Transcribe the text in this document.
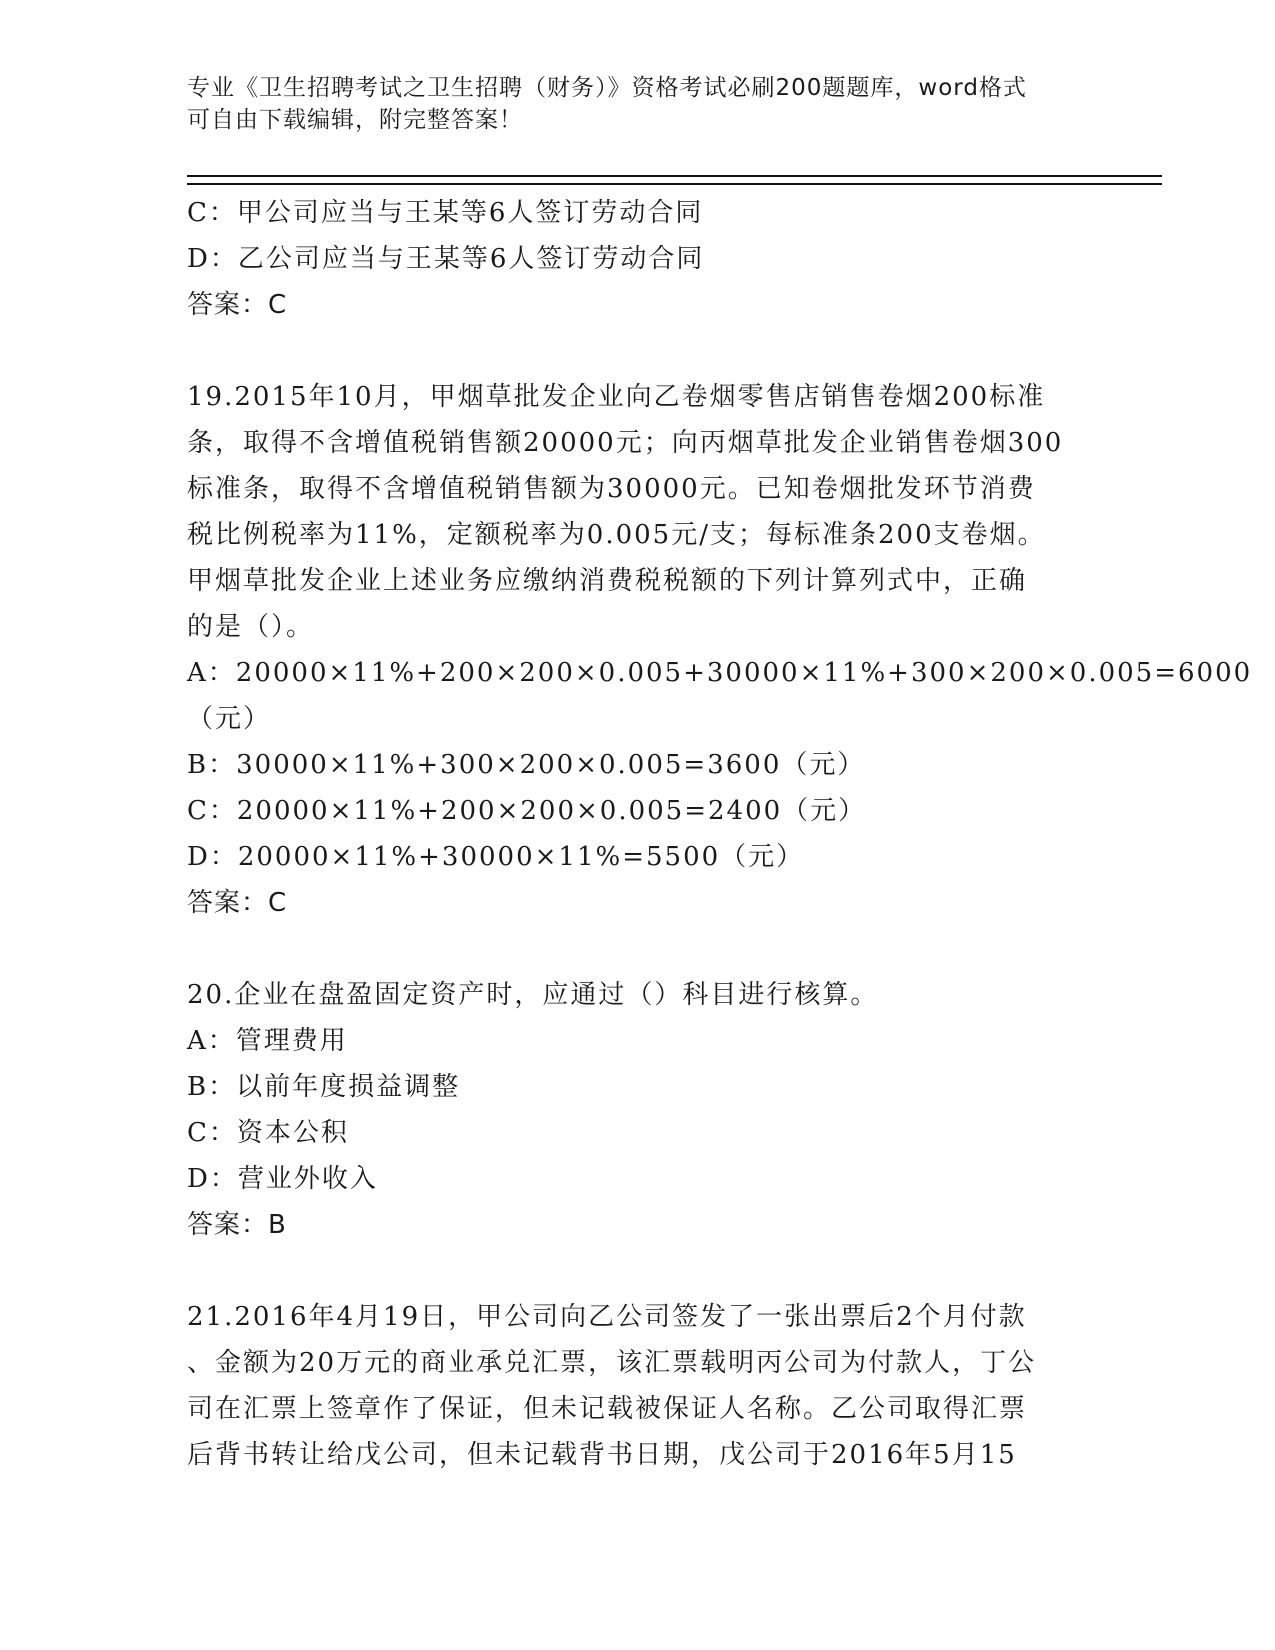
专业《卫生招聘考试之卫生招聘（财务）》资格考试必刷200题题库，word格式
可自由下载编辑，附完整答案！
C：甲公司应当与王某等6人签订劳动合同
D：乙公司应当与王某等6人签订劳动合同
答案：C
19.2015年10月，甲烟草批发企业向乙卷烟零售店销售卷烟200标准
条，取得不含增值税销售额20000元；向丙烟草批发企业销售卷烟300
标准条，取得不含增值税销售额为30000元。已知卷烟批发环节消费
税比例税率为11%，定额税率为0.005元/支；每标准条200支卷烟。
甲烟草批发企业上述业务应缴纳消费税税额的下列计算列式中，正确
的是（）。
A：20000×11%+200×200×0.005+30000×11%+300×200×0.005=6000
（元）
B：30000×11%+300×200×0.005=3600（元）
C：20000×11%+200×200×0.005=2400（元）
D：20000×11%+30000×11%=5500（元）
答案：C
20.企业在盘盈固定资产时，应通过（）科目进行核算。
A：管理费用
B：以前年度损益调整
C：资本公积
D：营业外收入
答案：B
21.2016年4月19日，甲公司向乙公司签发了一张出票后2个月付款
、金额为20万元的商业承兑汇票，该汇票载明丙公司为付款人，丁公
司在汇票上签章作了保证，但未记载被保证人名称。乙公司取得汇票
后背书转让给戊公司，但未记载背书日期，戊公司于2016年5月15
